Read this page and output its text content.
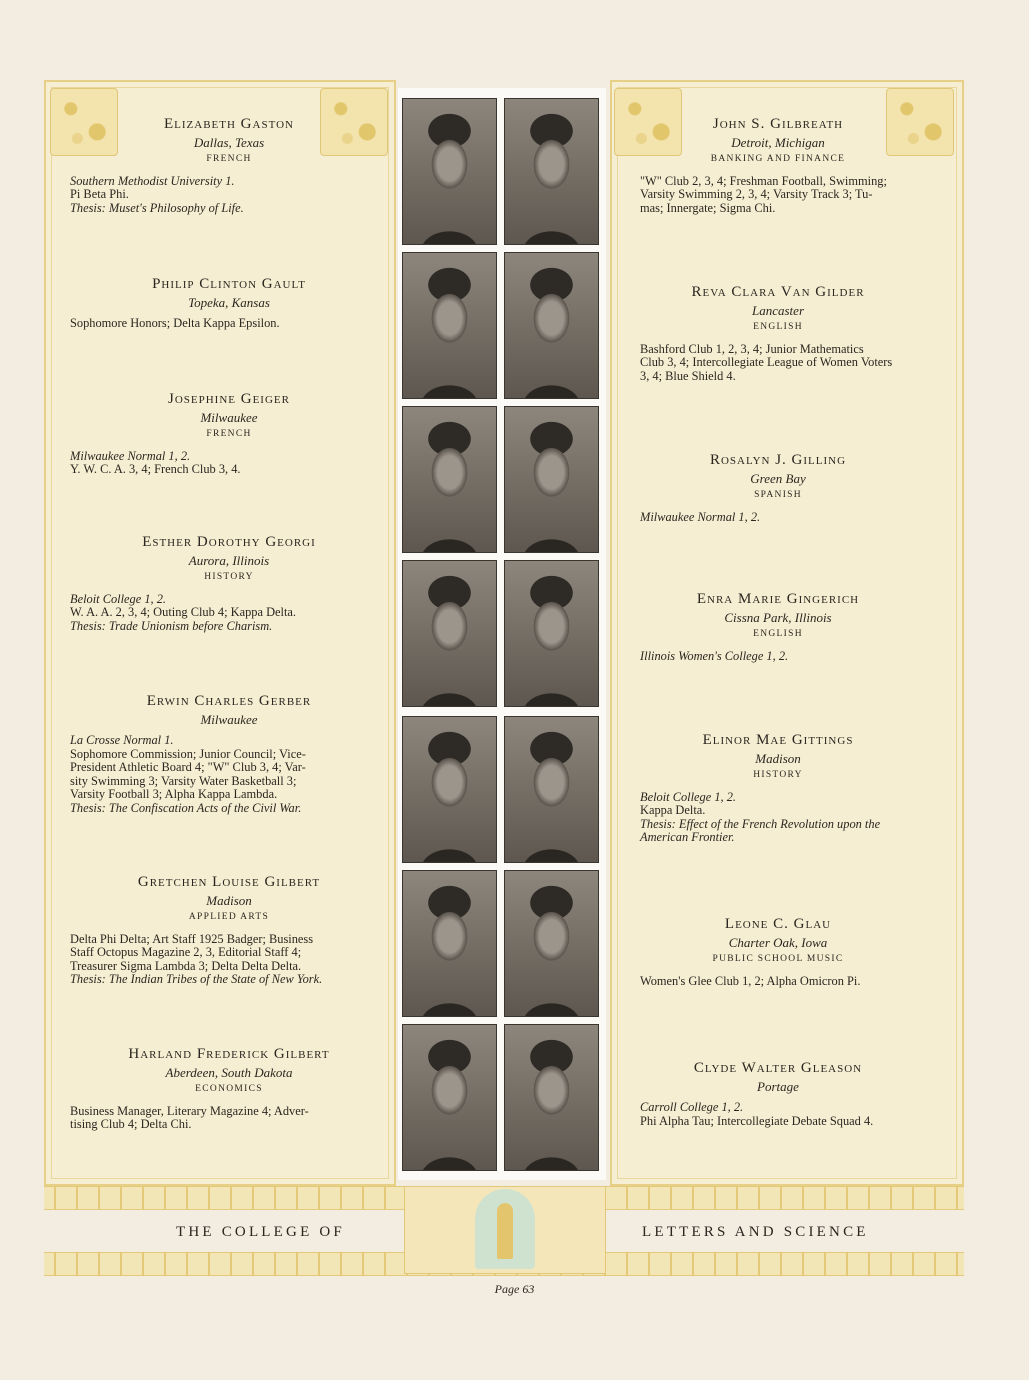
Elizabeth Gaston
Dallas, Texas
FRENCH
Southern Methodist University 1.
Pi Beta Phi.
Thesis: Muset's Philosophy of Life.
Philip Clinton Gault
Topeka, Kansas
Sophomore Honors; Delta Kappa Epsilon.
Josephine Geiger
Milwaukee
FRENCH
Milwaukee Normal 1, 2.
Y. W. C. A. 3, 4; French Club 3, 4.
Esther Dorothy Georgi
Aurora, Illinois
HISTORY
Beloit College 1, 2.
W. A. A. 2, 3, 4; Outing Club 4; Kappa Delta.
Thesis: Trade Unionism before Charism.
Erwin Charles Gerber
Milwaukee
La Crosse Normal 1.
Sophomore Commission; Junior Council; Vice-
President Athletic Board 4; "W" Club 3, 4; Var-
sity Swimming 3; Varsity Water Basketball 3;
Varsity Football 3; Alpha Kappa Lambda.
Thesis: The Confiscation Acts of the Civil War.
Gretchen Louise Gilbert
Madison
APPLIED ARTS
Delta Phi Delta; Art Staff 1925 Badger; Business
Staff Octopus Magazine 2, 3, Editorial Staff 4;
Treasurer Sigma Lambda 3; Delta Delta Delta.
Thesis: The Indian Tribes of the State of New York.
Harland Frederick Gilbert
Aberdeen, South Dakota
ECONOMICS
Business Manager, Literary Magazine 4; Adver-
tising Club 4; Delta Chi.
John S. Gilbreath
Detroit, Michigan
BANKING AND FINANCE
"W" Club 2, 3, 4; Freshman Football, Swimming;
Varsity Swimming 2, 3, 4; Varsity Track 3; Tu-
mas; Innergate; Sigma Chi.
Reva Clara Van Gilder
Lancaster
ENGLISH
Bashford Club 1, 2, 3, 4; Junior Mathematics
Club 3, 4; Intercollegiate League of Women Voters
3, 4; Blue Shield 4.
Rosalyn J. Gilling
Green Bay
SPANISH
Milwaukee Normal 1, 2.
Enra Marie Gingerich
Cissna Park, Illinois
ENGLISH
Illinois Women's College 1, 2.
Elinor Mae Gittings
Madison
HISTORY
Beloit College 1, 2.
Kappa Delta.
Thesis: Effect of the French Revolution upon the
American Frontier.
Leone C. Glau
Charter Oak, Iowa
PUBLIC SCHOOL MUSIC
Women's Glee Club 1, 2; Alpha Omicron Pi.
Clyde Walter Gleason
Portage
Carroll College 1, 2.
Phi Alpha Tau; Intercollegiate Debate Squad 4.
THE COLLEGE OF	LETTERS AND SCIENCE
Page 63
